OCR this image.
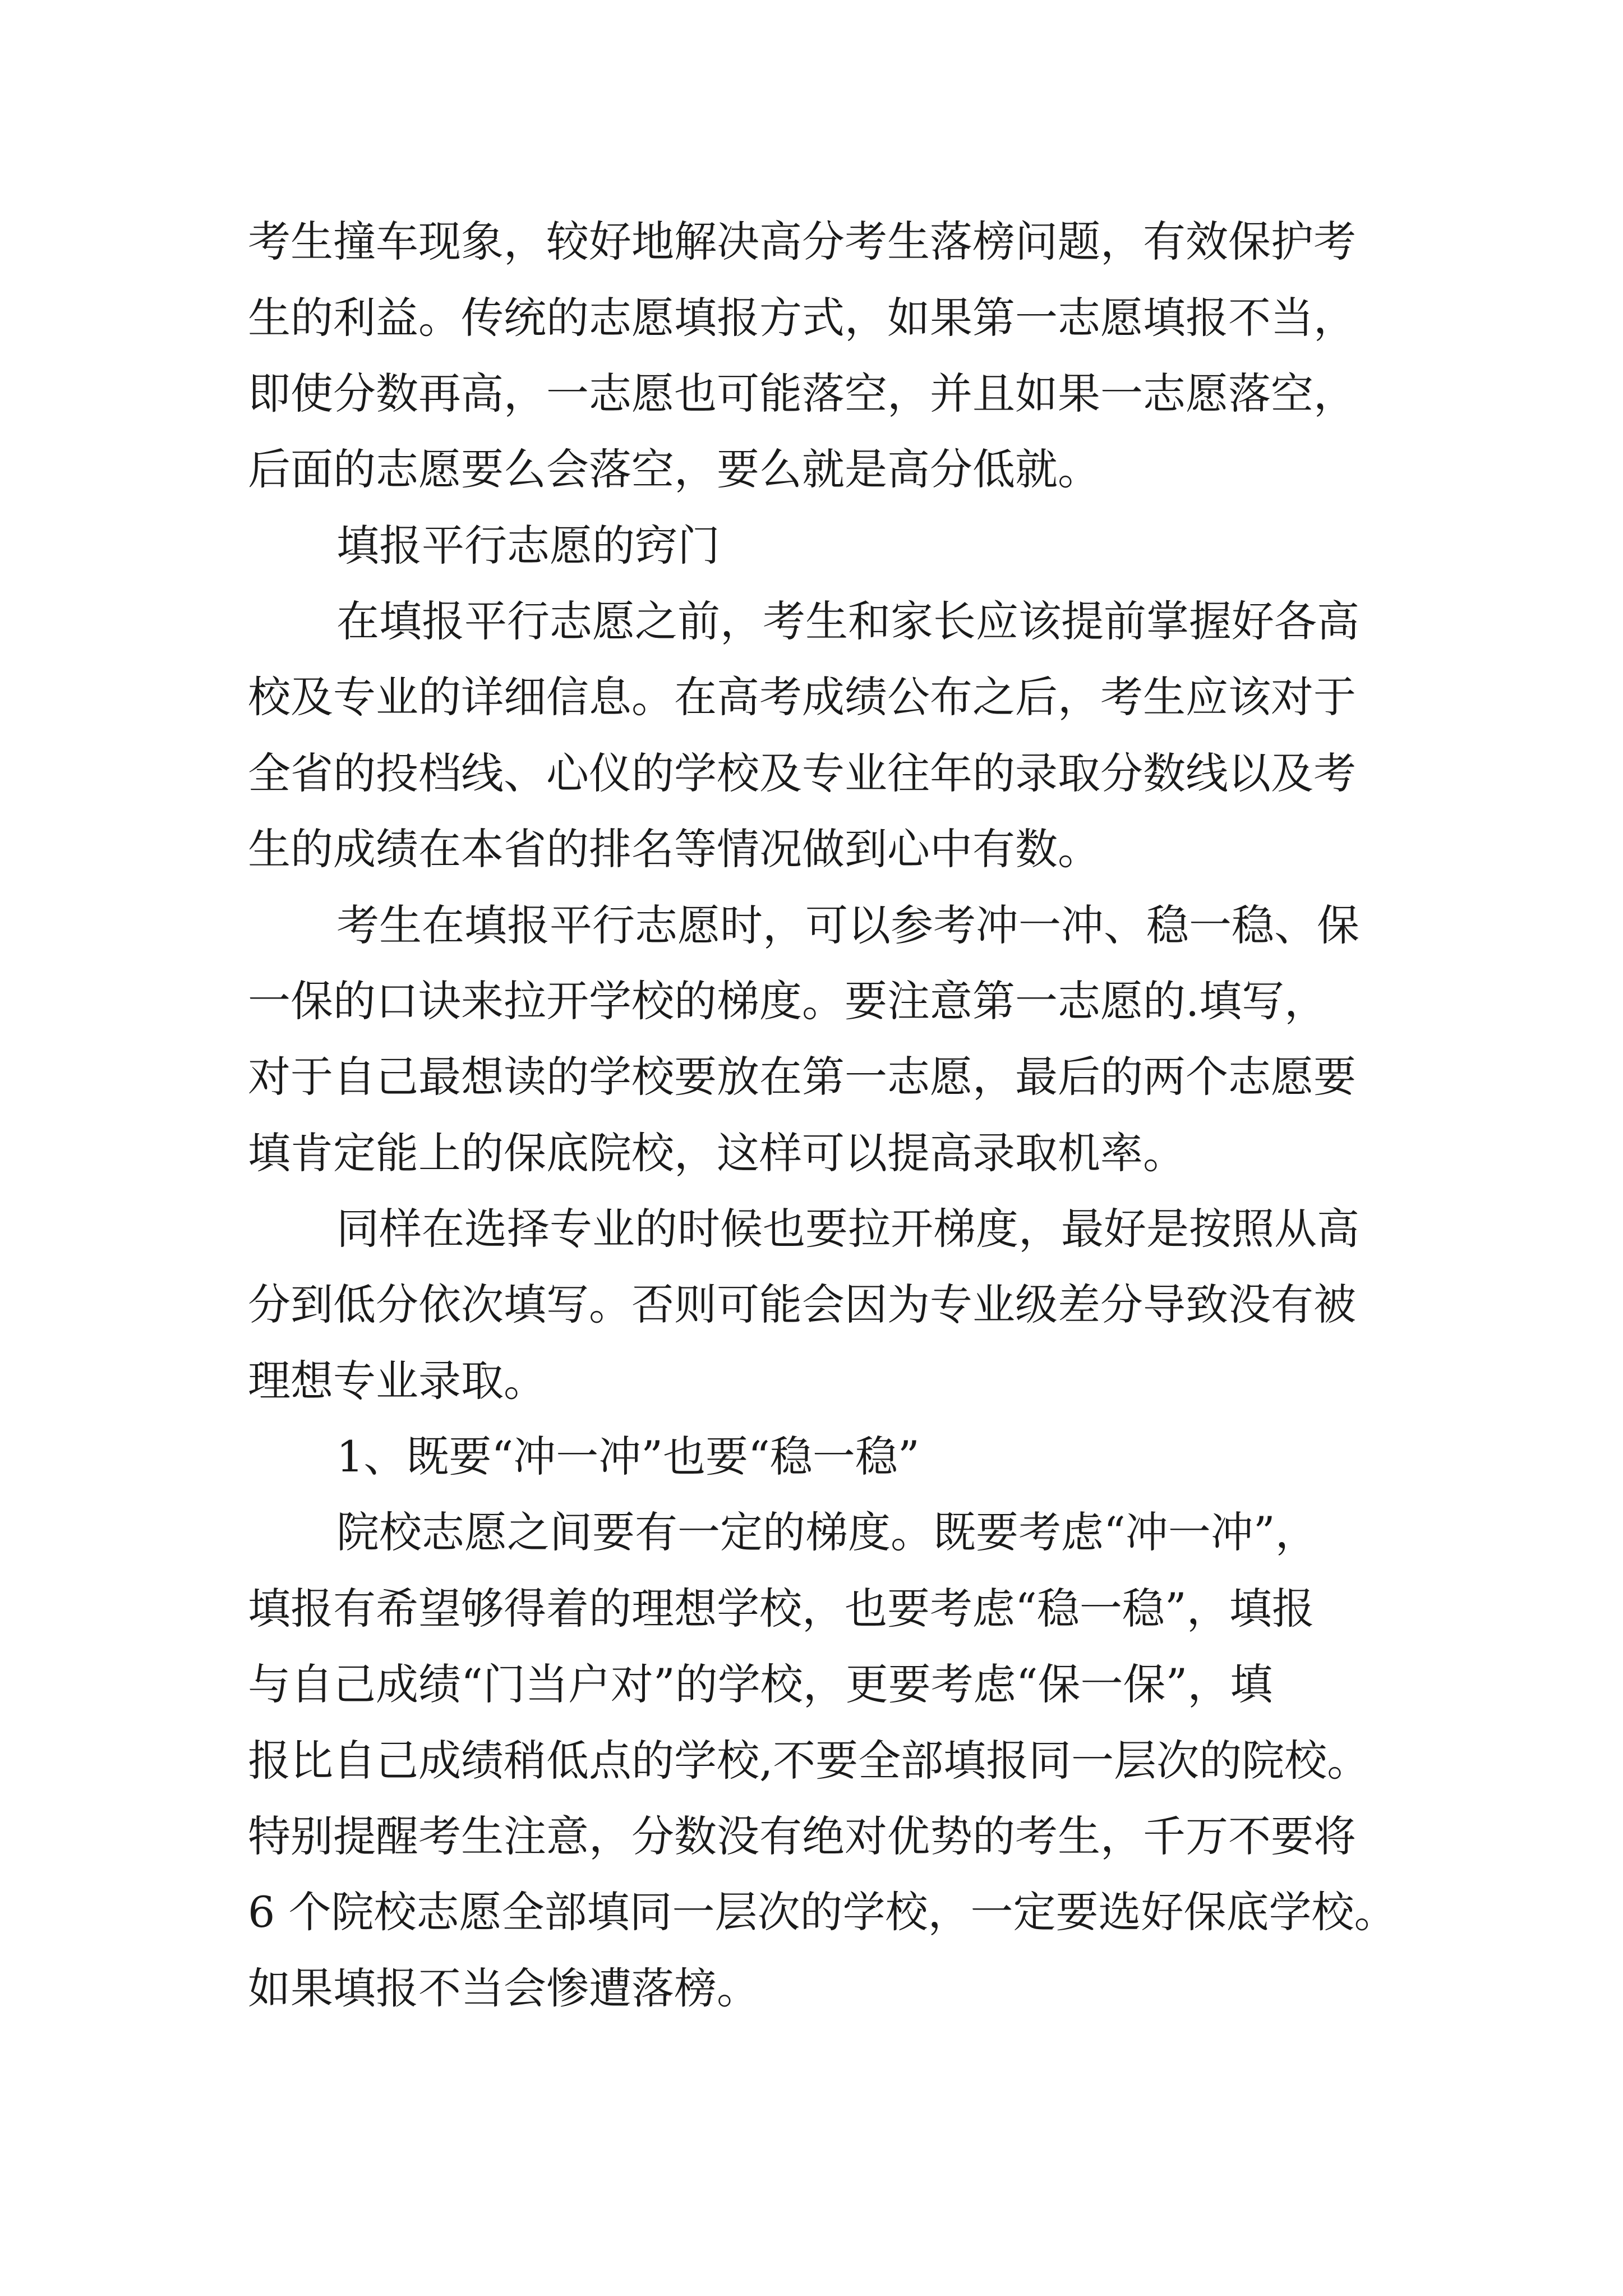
考生撞车现象，较好地解决高分考生落榜问题，有效保护考
生的利益。传统的志愿填报方式，如果第一志愿填报不当，
即使分数再高，一志愿也可能落空，并且如果一志愿落空，
后面的志愿要么会落空，要么就是高分低就。
填报平行志愿的窍门
在填报平行志愿之前，考生和家长应该提前掌握好各高
校及专业的详细信息。在高考成绩公布之后，考生应该对于
全省的投档线、心仪的学校及专业往年的录取分数线以及考
生的成绩在本省的排名等情况做到心中有数。
考生在填报平行志愿时，可以参考冲一冲、稳一稳、保
一保的口诀来拉开学校的梯度。要注意第一志愿的.填写，
对于自己最想读的学校要放在第一志愿，最后的两个志愿要
填肯定能上的保底院校，这样可以提高录取机率。
同样在选择专业的时候也要拉开梯度，最好是按照从高
分到低分依次填写。否则可能会因为专业级差分导致没有被
理想专业录取。
1、既要“冲一冲”也要“稳一稳”
院校志愿之间要有一定的梯度。既要考虑“冲一冲”，
填报有希望够得着的理想学校，也要考虑“稳一稳”，填报
与自己成绩“门当户对”的学校，更要考虑“保一保”，填
报比自己成绩稍低点的学校,不要全部填报同一层次的院校。
特别提醒考生注意，分数没有绝对优势的考生，千万不要将
6 个院校志愿全部填同一层次的学校，一定要选好保底学校。
如果填报不当会惨遭落榜。
